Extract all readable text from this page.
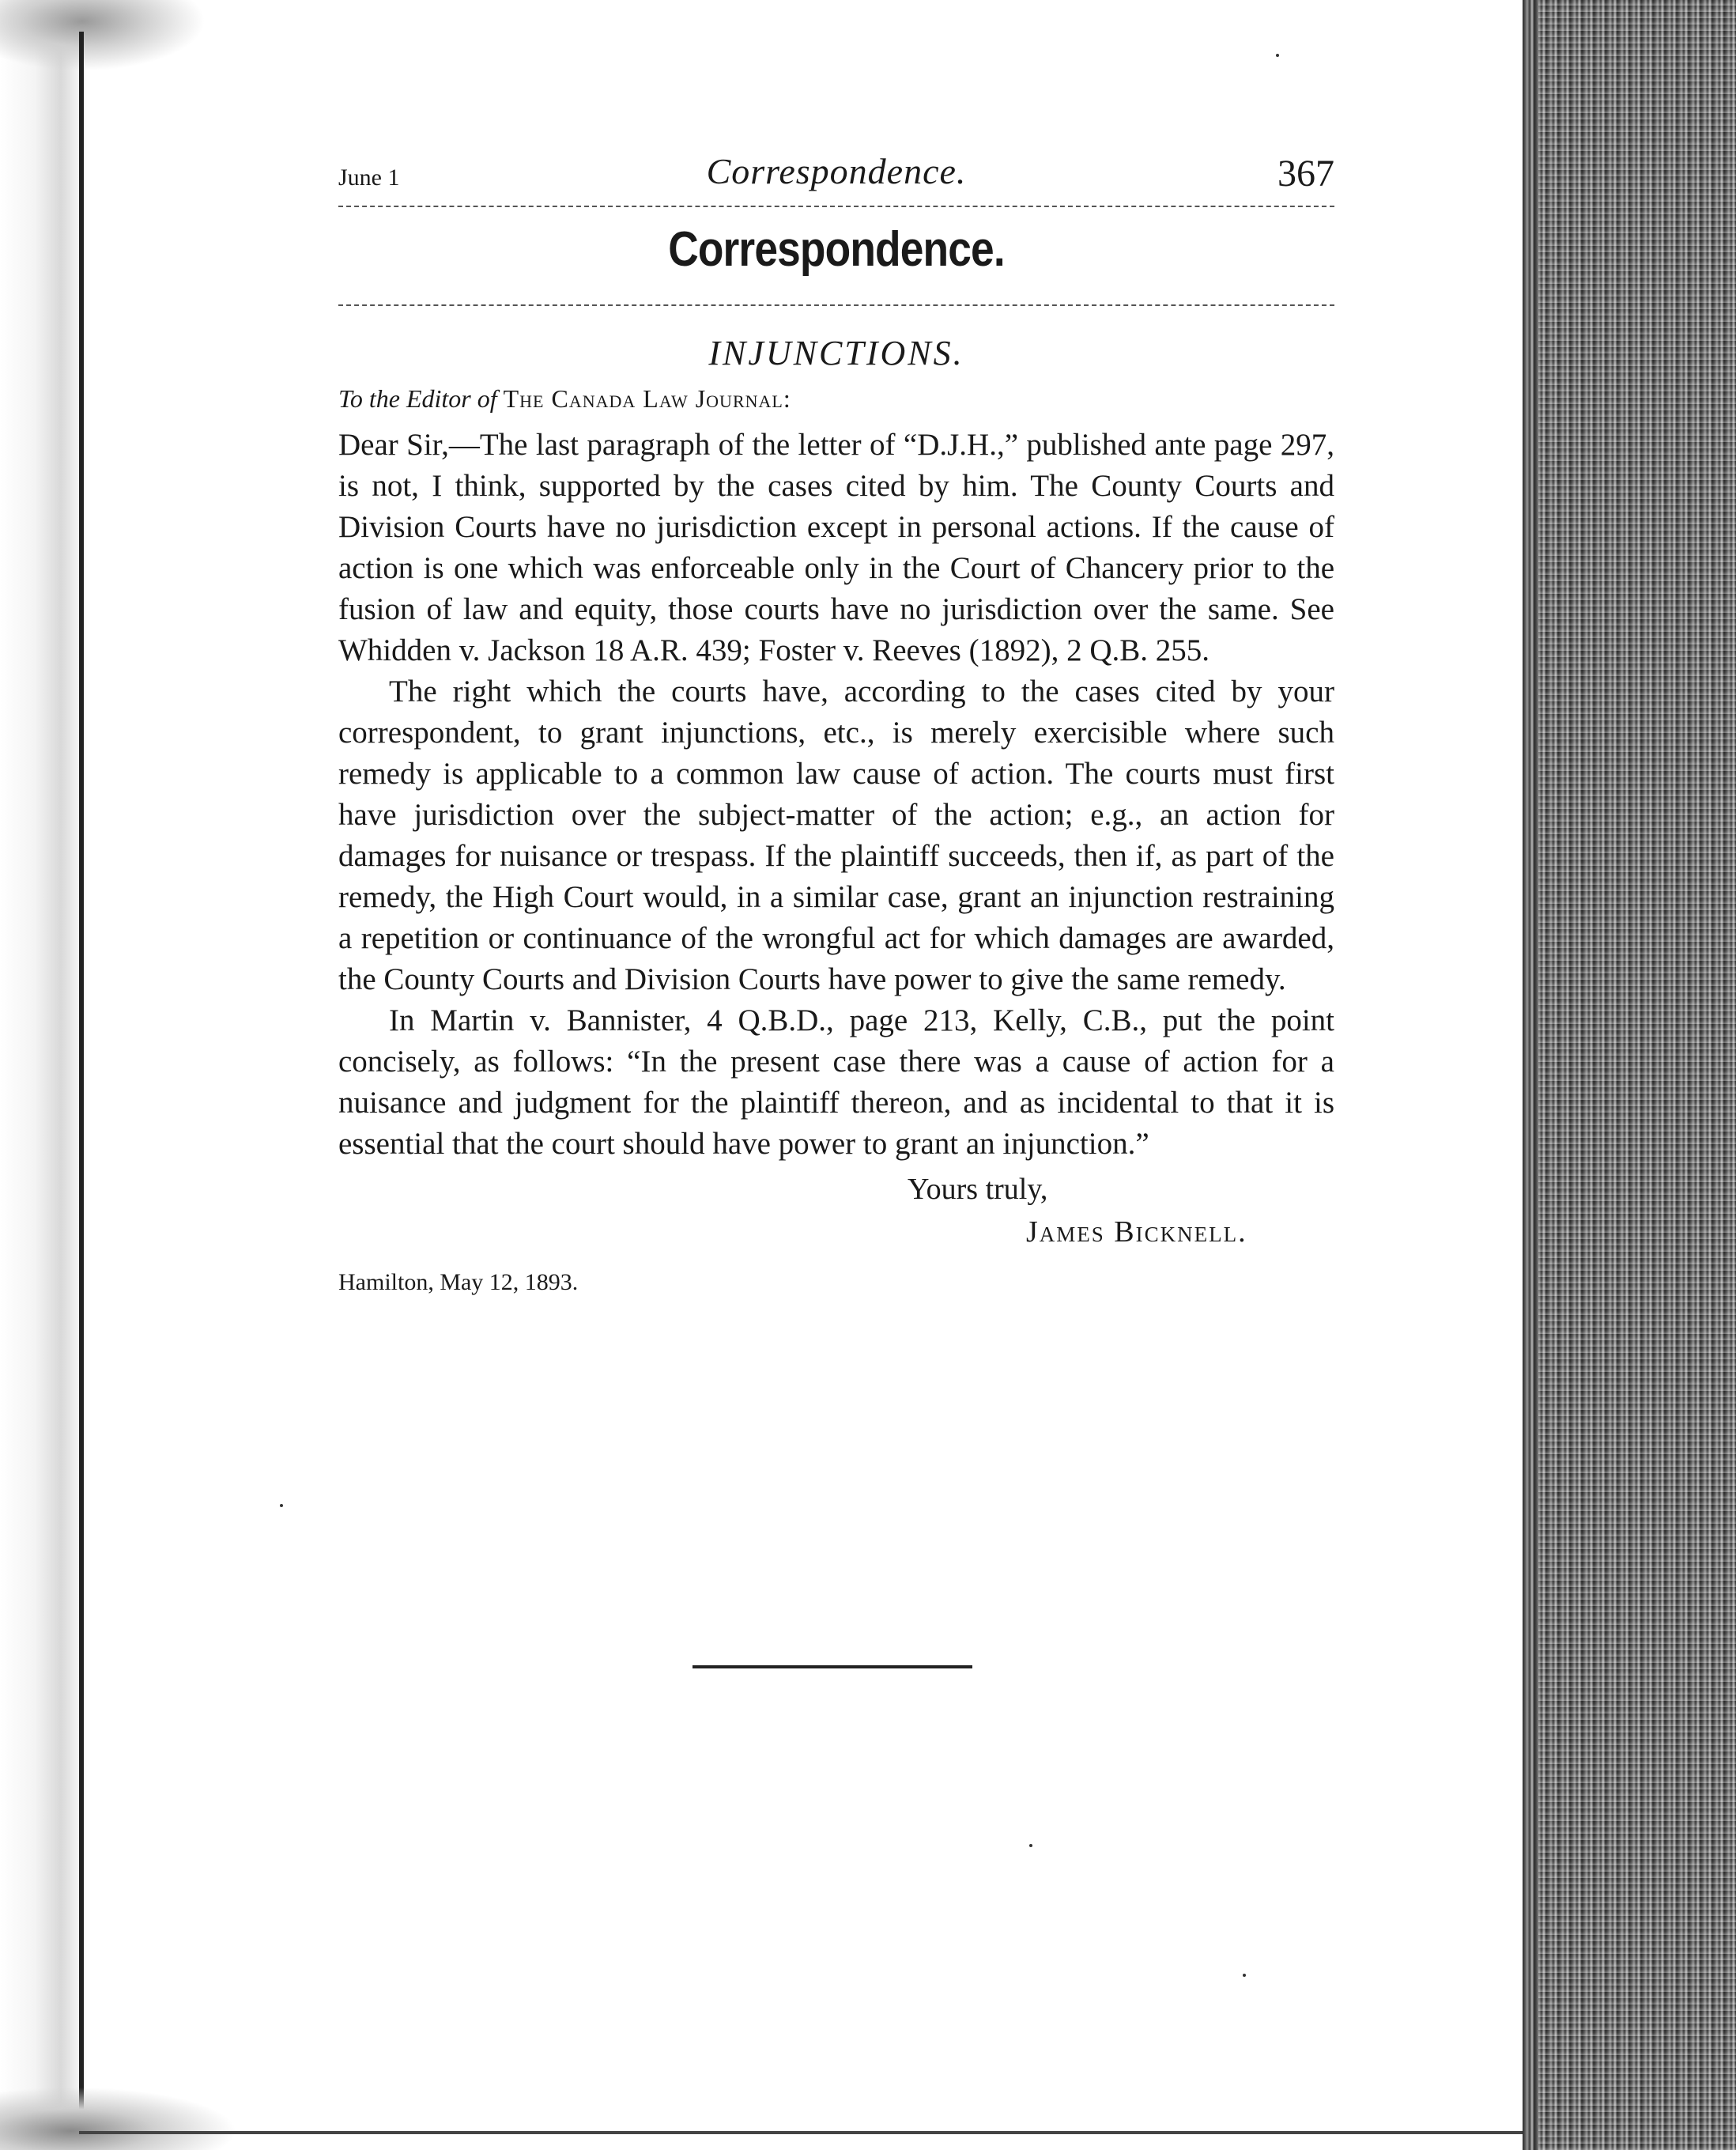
June 1	Correspondence.	367
Correspondence.
INJUNCTIONS.
To the Editor of The Canada Law Journal:

Dear Sir,—The last paragraph of the letter of “D.J.H.,” published ante page 297, is not, I think, supported by the cases cited by him. The County Courts and Division Courts have no jurisdiction except in personal actions. If the cause of action is one which was enforceable only in the Court of Chancery prior to the fusion of law and equity, those courts have no jurisdiction over the same. See Whidden v. Jackson 18 A.R. 439; Foster v. Reeves (1892), 2 Q.B. 255.

The right which the courts have, according to the cases cited by your correspondent, to grant injunctions, etc., is merely exercisible where such remedy is applicable to a common law cause of action. The courts must first have jurisdiction over the subject-matter of the action; e.g., an action for damages for nuisance or trespass. If the plaintiff succeeds, then if, as part of the remedy, the High Court would, in a similar case, grant an injunction restraining a repetition or continuance of the wrongful act for which damages are awarded, the County Courts and Division Courts have power to give the same remedy.

In Martin v. Bannister, 4 Q.B.D., page 213, Kelly, C.B., put the point concisely, as follows: “In the present case there was a cause of action for a nuisance and judgment for the plaintiff thereon, and as incidental to that it is essential that the court should have power to grant an injunction.”

Yours truly,
James Bicknell.
Hamilton, May 12, 1893.
